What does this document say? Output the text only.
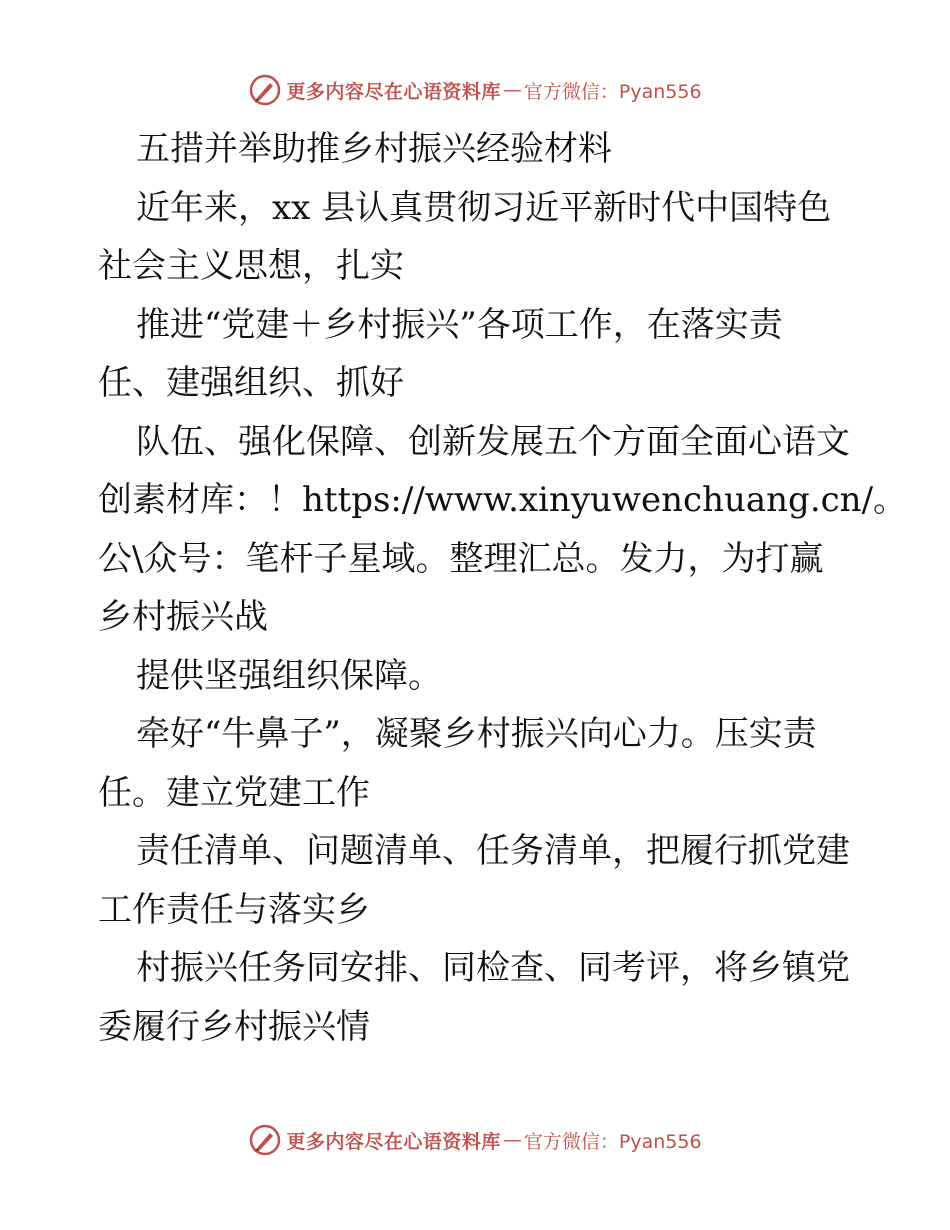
更多内容尽在心语资料库 — 官方微信：Pyan556

五措并举助推乡村振兴经验材料

近年来，xx 县认真贯彻习近平新时代中国特色

社会主义思想，扎实

推进“党建＋乡村振兴”各项工作，在落实责

任、建强组织、抓好

队伍、强化保障、创新发展五个方面全面心语文

创素材库：！https://www.xinyuwenchuang.cn/。

公\众号：笔杆子星域。整理汇总。发力，为打赢

乡村振兴战

提供坚强组织保障。

牵好“牛鼻子”，凝聚乡村振兴向心力。压实责

任。建立党建工作

责任清单、问题清单、任务清单，把履行抓党建

工作责任与落实乡

村振兴任务同安排、同检查、同考评，将乡镇党

委履行乡村振兴情

更多内容尽在心语资料库 — 官方微信：Pyan556
